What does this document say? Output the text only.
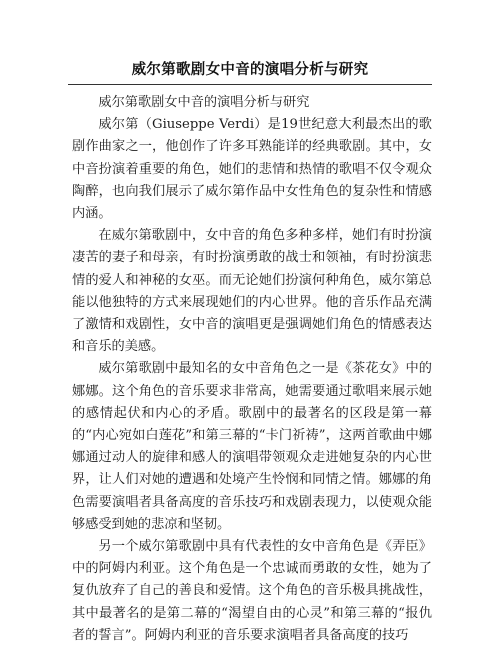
威尔第歌剧女中音的演唱分析与研究

威尔第歌剧女中音的演唱分析与研究

威尔第（Giuseppe Verdi）是19世纪意大利最杰出的歌剧作曲家之一，他创作了许多耳熟能详的经典歌剧。其中，女中音扮演着重要的角色，她们的悲情和热情的歌唱不仅令观众陶醉，也向我们展示了威尔第作品中女性角色的复杂性和情感内涵。

在威尔第歌剧中，女中音的角色多种多样，她们有时扮演凄苦的妻子和母亲，有时扮演勇敢的战士和领袖，有时扮演悲情的爱人和神秘的女巫。而无论她们扮演何种角色，威尔第总能以他独特的方式来展现她们的内心世界。他的音乐作品充满了激情和戏剧性，女中音的演唱更是强调她们角色的情感表达和音乐的美感。

威尔第歌剧中最知名的女中音角色之一是《茶花女》中的娜娜。这个角色的音乐要求非常高，她需要通过歌唱来展示她的感情起伏和内心的矛盾。歌剧中的最著名的区段是第一幕的“内心宛如白莲花”和第三幕的“卡门祈祷”，这两首歌曲中娜娜通过动人的旋律和感人的演唱带领观众走进她复杂的内心世界，让人们对她的遭遇和处境产生怜悯和同情之情。娜娜的角色需要演唱者具备高度的音乐技巧和戏剧表现力，以使观众能够感受到她的悲凉和坚韧。

另一个威尔第歌剧中具有代表性的女中音角色是《弄臣》中的阿姆内利亚。这个角色是一个忠诚而勇敢的女性，她为了复仇放弃了自己的善良和爱情。这个角色的音乐极具挑战性，其中最著名的是第二幕的“渴望自由的心灵”和第三幕的“报仇者的誓言”。阿姆内利亚的音乐要求演唱者具备高度的技巧
